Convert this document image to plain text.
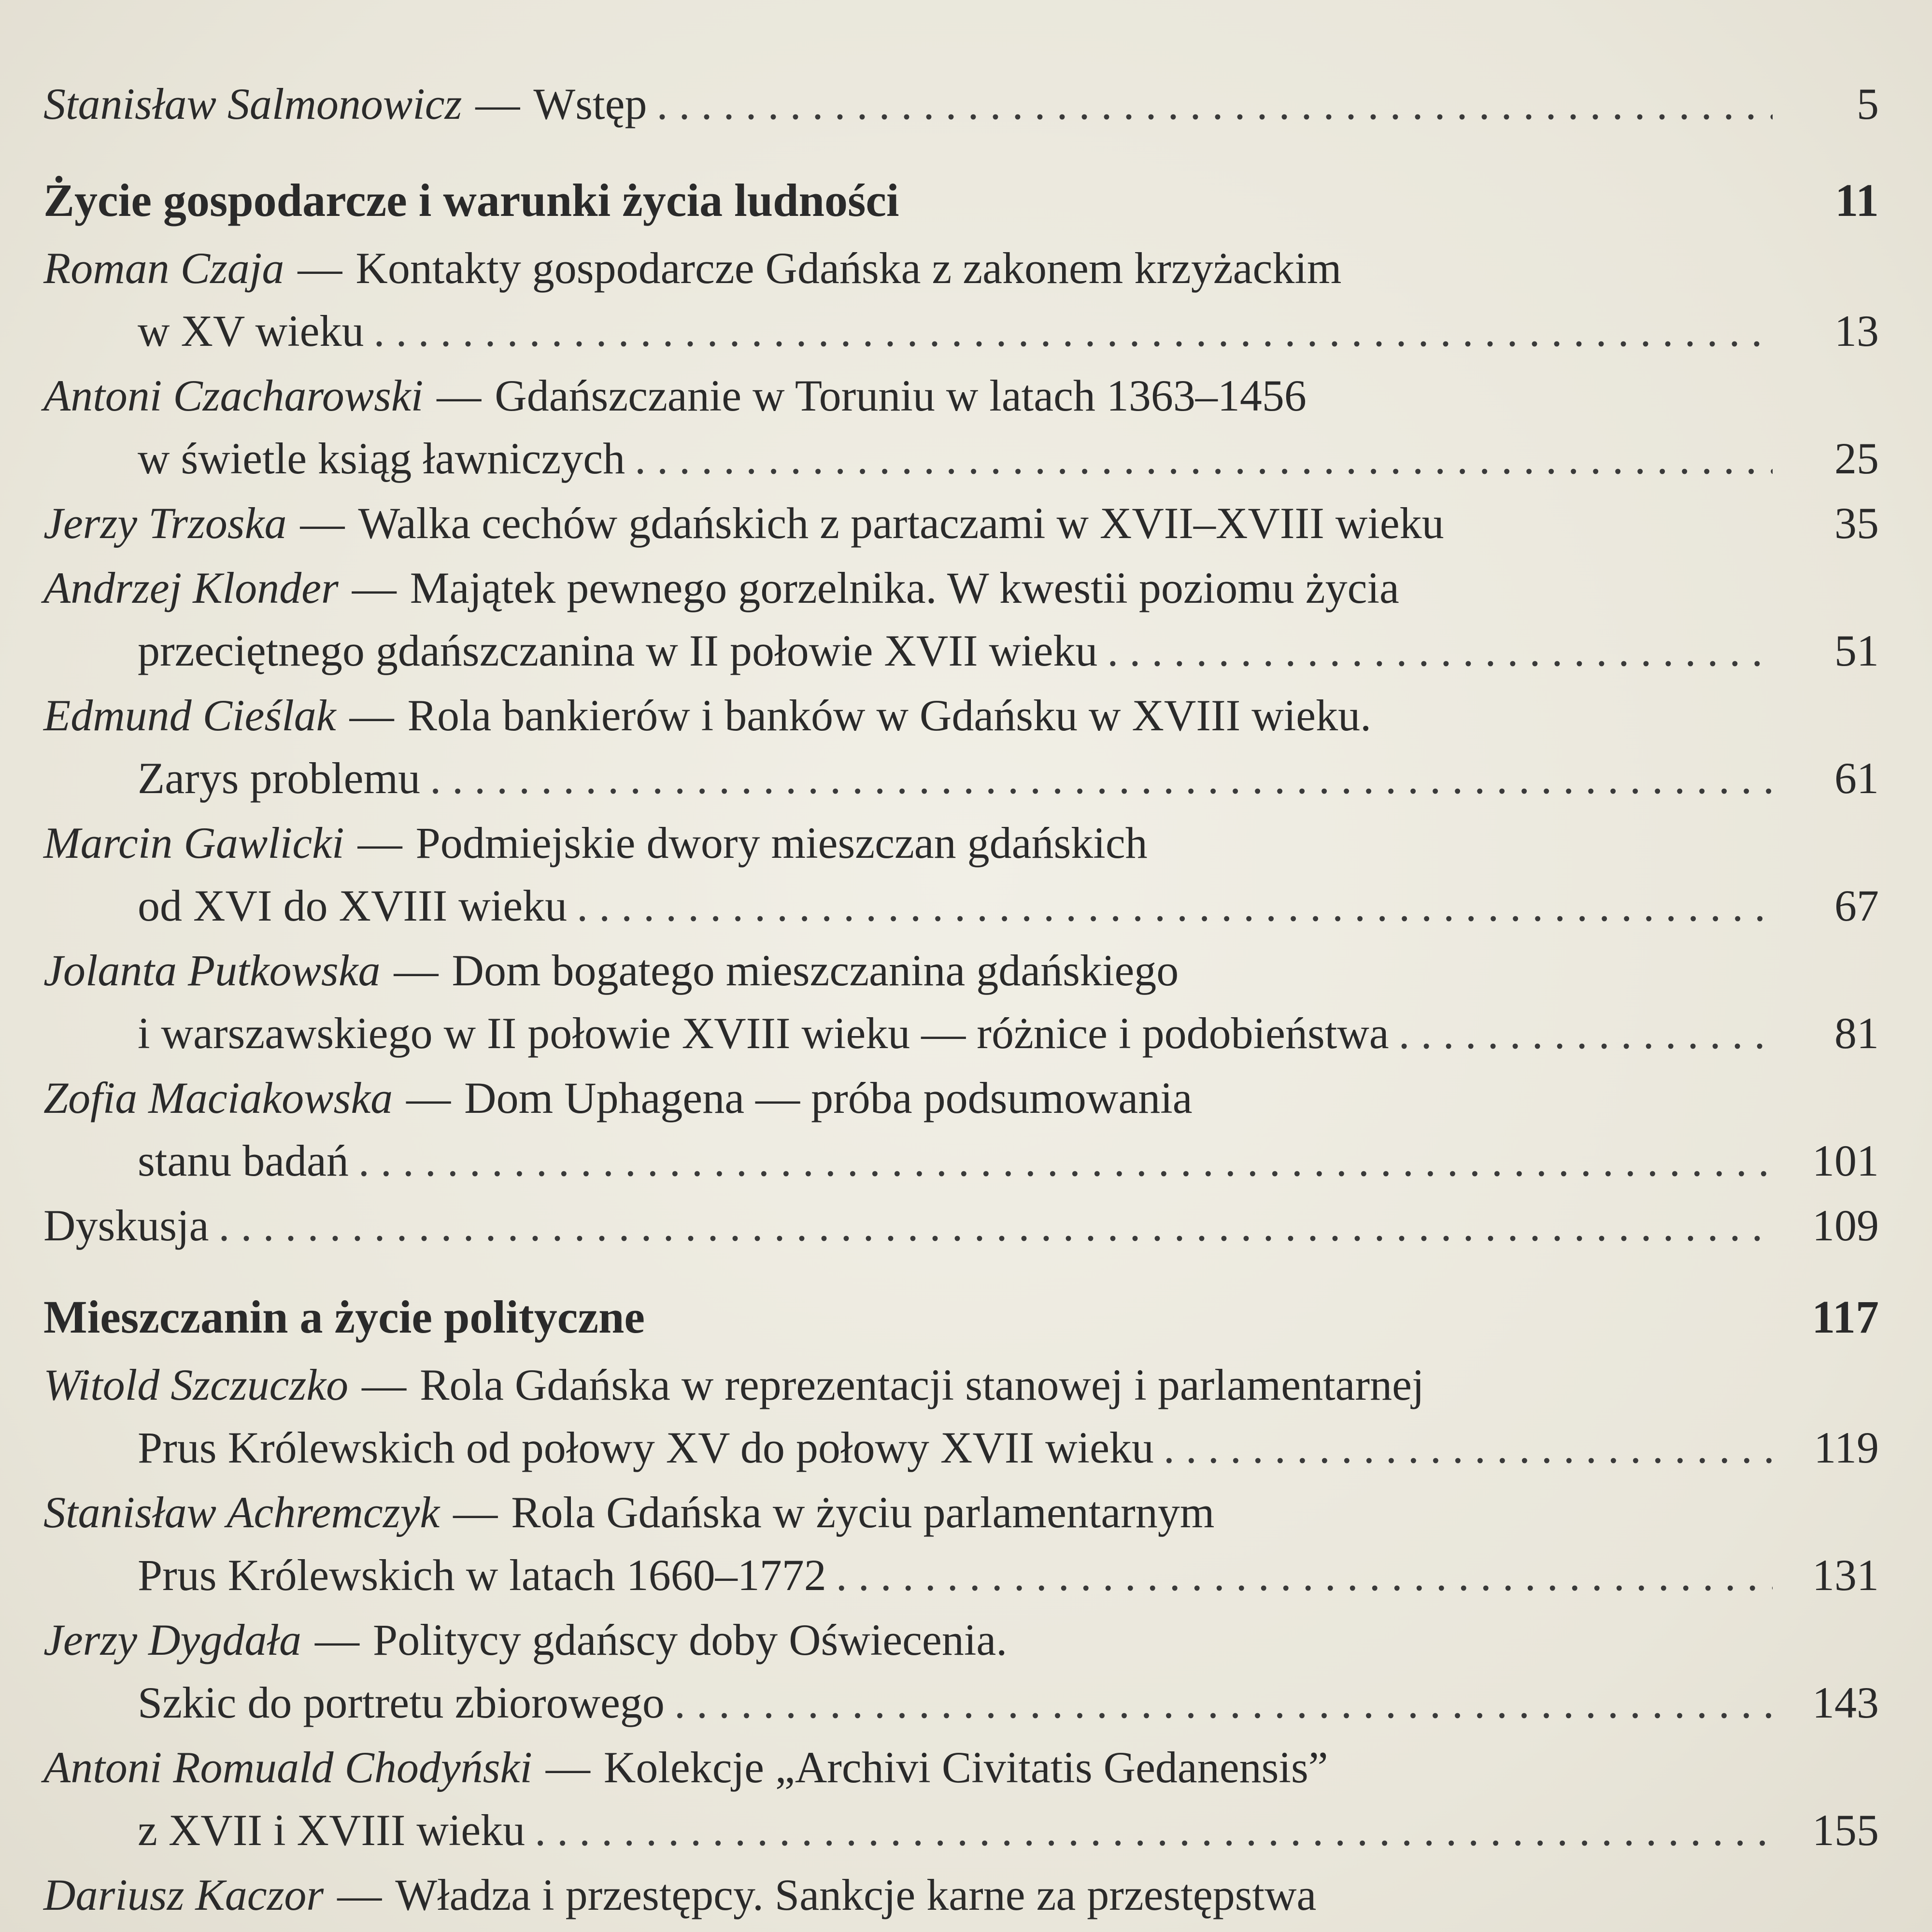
Stanisław Salmonowicz — Wstęp . . .	5
Życie gospodarcze i warunki życia ludności	11
Roman Czaja — Kontakty gospodarcze Gdańska z zakonem krzyżackim
w XV wieku . . .	13
Antoni Czacharowski — Gdańszczanie w Toruniu w latach 1363–1456
w świetle ksiąg ławniczych . . .	25
Jerzy Trzoska — Walka cechów gdańskich z partaczami w XVII–XVIII wieku	35
Andrzej Klonder — Majątek pewnego gorzelnika. W kwestii poziomu życia
przeciętnego gdańszczanina w II połowie XVII wieku . . .	51
Edmund Cieślak — Rola bankierów i banków w Gdańsku w XVIII wieku.
Zarys problemu . . .	61
Marcin Gawlicki — Podmiejskie dwory mieszczan gdańskich
od XVI do XVIII wieku . . .	67
Jolanta Putkowska — Dom bogatego mieszczanina gdańskiego
i warszawskiego w II połowie XVIII wieku — różnice i podobieństwa . . .	81
Zofia Maciakowska — Dom Uphagena — próba podsumowania
stanu badań . . .	101
Dyskusja . . .	109
Mieszczanin a życie polityczne	117
Witold Szczuczko — Rola Gdańska w reprezentacji stanowej i parlamentarnej
Prus Królewskich od połowy XV do połowy XVII wieku . . .	119
Stanisław Achremczyk — Rola Gdańska w życiu parlamentarnym
Prus Królewskich w latach 1660–1772 . . .	131
Jerzy Dygdała — Politycy gdańscy doby Oświecenia.
Szkic do portretu zbiorowego . . .	143
Antoni Romuald Chodyński — Kolekcje „Archivi Civitatis Gedanensis”
z XVII i XVIII wieku . . .	155
Dariusz Kaczor — Władza i przestępcy. Sankcje karne za przestępstwa
